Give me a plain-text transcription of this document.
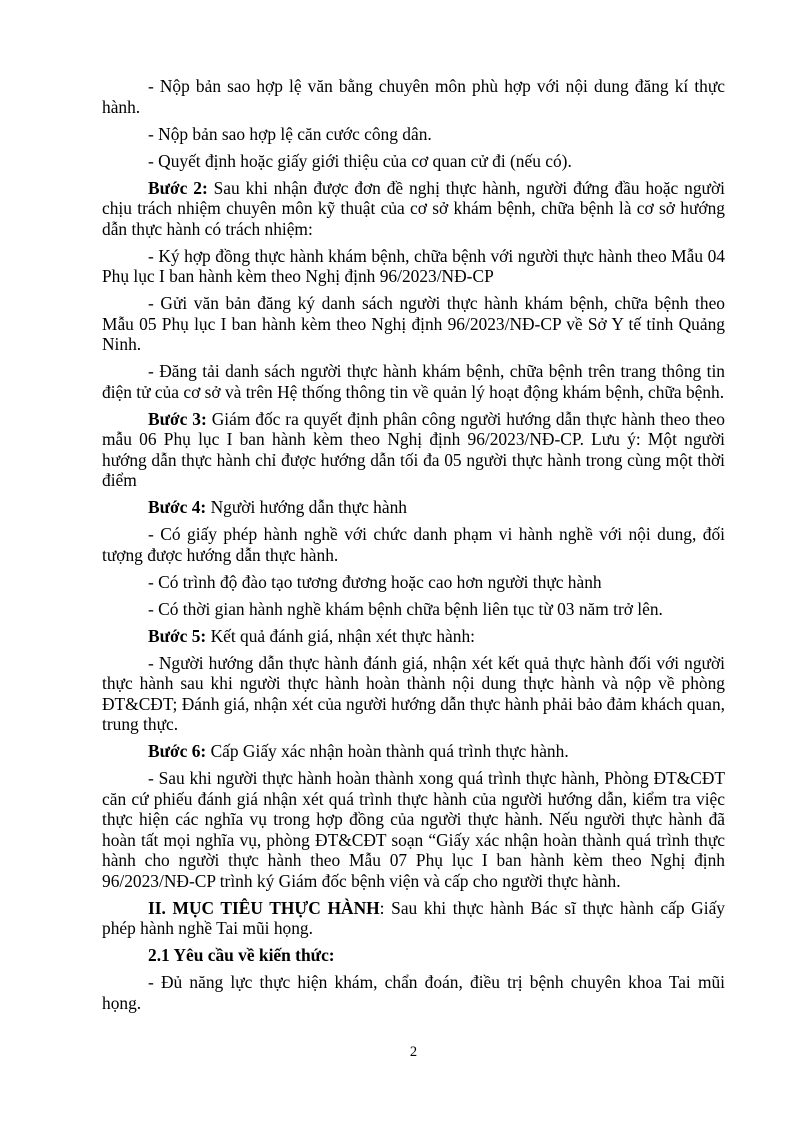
- Nộp bản sao hợp lệ văn bằng chuyên môn phù hợp với nội dung đăng kí thực hành.

- Nộp bản sao hợp lệ căn cước công dân.

- Quyết định hoặc giấy giới thiệu của cơ quan cử đi (nếu có).

Bước 2: Sau khi nhận được đơn đề nghị thực hành, người đứng đầu hoặc người chịu trách nhiệm chuyên môn kỹ thuật của cơ sở khám bệnh, chữa bệnh là cơ sở hướng dẫn thực hành có trách nhiệm:

- Ký hợp đồng thực hành khám bệnh, chữa bệnh với người thực hành theo Mẫu 04 Phụ lục I ban hành kèm theo Nghị định 96/2023/NĐ-CP

- Gửi văn bản đăng ký danh sách người thực hành khám bệnh, chữa bệnh theo Mẫu 05 Phụ lục I ban hành kèm theo Nghị định 96/2023/NĐ-CP về Sở Y tế tỉnh Quảng Ninh.

- Đăng tải danh sách người thực hành khám bệnh, chữa bệnh trên trang thông tin điện tử của cơ sở và trên Hệ thống thông tin về quản lý hoạt động khám bệnh, chữa bệnh.

Bước 3: Giám đốc ra quyết định phân công người hướng dẫn thực hành theo theo mẫu 06 Phụ lục I ban hành kèm theo Nghị định 96/2023/NĐ-CP. Lưu ý: Một người hướng dẫn thực hành chỉ được hướng dẫn tối đa 05 người thực hành trong cùng một thời điểm

Bước 4: Người hướng dẫn thực hành

- Có giấy phép hành nghề với chức danh phạm vi hành nghề với nội dung, đối tượng được hướng dẫn thực hành.

- Có trình độ đào tạo tương đương hoặc cao hơn người thực hành

- Có thời gian hành nghề khám bệnh chữa bệnh liên tục từ 03 năm trở lên.

Bước 5: Kết quả đánh giá, nhận xét thực hành:

- Người hướng dẫn thực hành đánh giá, nhận xét kết quả thực hành đối với người thực hành sau khi người thực hành hoàn thành nội dung thực hành và nộp về phòng ĐT&CĐT; Đánh giá, nhận xét của người hướng dẫn thực hành phải bảo đảm khách quan, trung thực.

Bước 6: Cấp Giấy xác nhận hoàn thành quá trình thực hành.

- Sau khi người thực hành hoàn thành xong quá trình thực hành, Phòng ĐT&CĐT căn cứ phiếu đánh giá nhận xét quá trình thực hành của người hướng dẫn, kiểm tra việc thực hiện các nghĩa vụ trong hợp đồng của người thực hành. Nếu người thực hành đã hoàn tất mọi nghĩa vụ, phòng ĐT&CĐT soạn “Giấy xác nhận hoàn thành quá trình thực hành cho người thực hành theo Mẫu 07 Phụ lục I ban hành kèm theo Nghị định 96/2023/NĐ-CP trình ký Giám đốc bệnh viện và cấp cho người thực hành.

II. MỤC TIÊU THỰC HÀNH: Sau khi thực hành Bác sĩ thực hành cấp Giấy phép hành nghề Tai mũi họng.

2.1 Yêu cầu về kiến thức:

- Đủ năng lực thực hiện khám, chẩn đoán, điều trị bệnh chuyên khoa Tai mũi họng.

2
